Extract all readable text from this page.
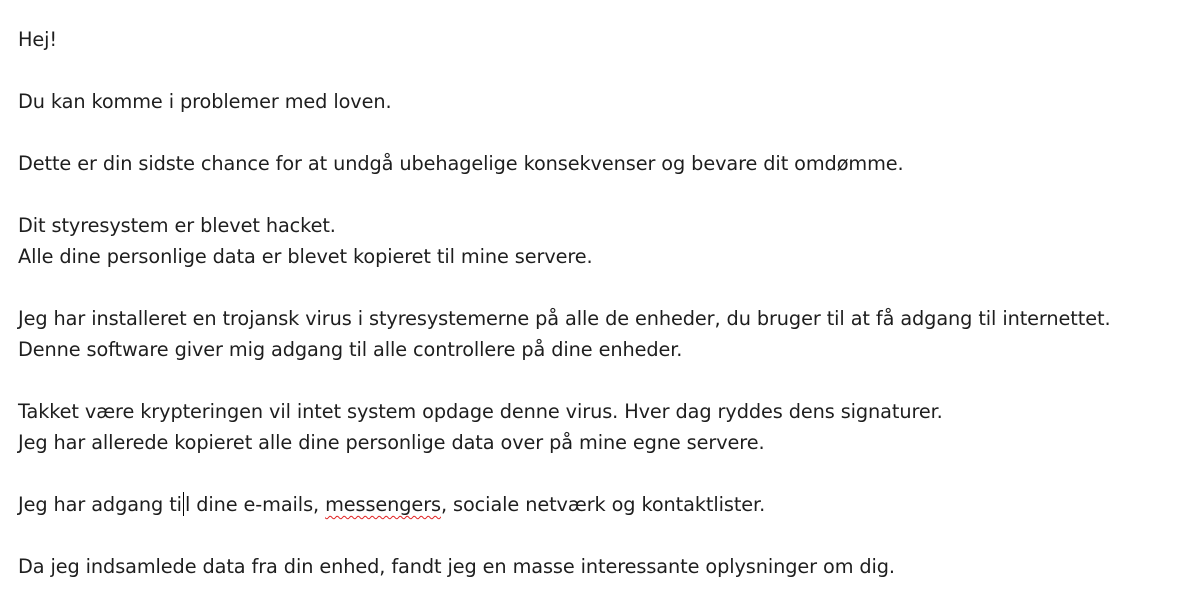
Hej!
Du kan komme i problemer med loven.
Dette er din sidste chance for at undgå ubehagelige konsekvenser og bevare dit omdømme.
Dit styresystem er blevet hacket.
Alle dine personlige data er blevet kopieret til mine servere.
Jeg har installeret en trojansk virus i styresystemerne på alle de enheder, du bruger til at få adgang til internettet.
Denne software giver mig adgang til alle controllere på dine enheder.
Takket være krypteringen vil intet system opdage denne virus. Hver dag ryddes dens signaturer.
Jeg har allerede kopieret alle dine personlige data over på mine egne servere.
Jeg har adgang ti l dine e-mails, messengers, sociale netværk og kontaktlister.
Da jeg indsamlede data fra din enhed, fandt jeg en masse interessante oplysninger om dig.
